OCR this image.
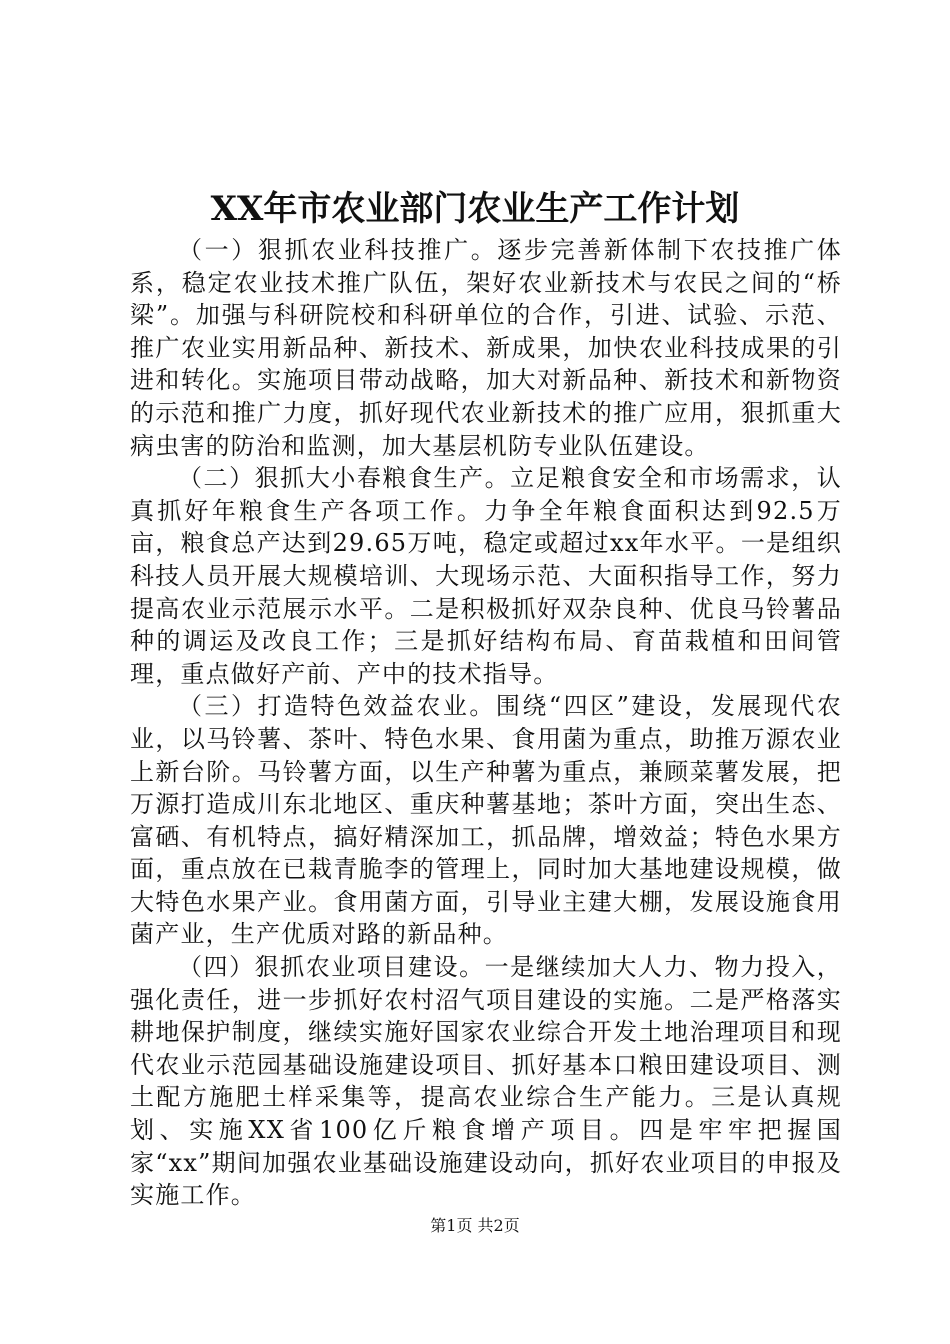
XX年市农业部门农业生产工作计划

（一）狠抓农业科技推广。逐步完善新体制下农技推广体系，稳定农业技术推广队伍，架好农业新技术与农民之间的“桥梁”。加强与科研院校和科研单位的合作，引进、试验、示范、推广农业实用新品种、新技术、新成果，加快农业科技成果的引进和转化。实施项目带动战略，加大对新品种、新技术和新物资的示范和推广力度，抓好现代农业新技术的推广应用，狠抓重大病虫害的防治和监测，加大基层机防专业队伍建设。

（二）狠抓大小春粮食生产。立足粮食安全和市场需求，认真抓好年粮食生产各项工作。力争全年粮食面积达到92.5万亩，粮食总产达到29.65万吨，稳定或超过xx年水平。一是组织科技人员开展大规模培训、大现场示范、大面积指导工作，努力提高农业示范展示水平。二是积极抓好双杂良种、优良马铃薯品种的调运及改良工作；三是抓好结构布局、育苗栽植和田间管理，重点做好产前、产中的技术指导。

（三）打造特色效益农业。围绕“四区”建设，发展现代农业，以马铃薯、茶叶、特色水果、食用菌为重点，助推万源农业上新台阶。马铃薯方面，以生产种薯为重点，兼顾菜薯发展，把万源打造成川东北地区、重庆种薯基地；茶叶方面，突出生态、富硒、有机特点，搞好精深加工，抓品牌，增效益；特色水果方面，重点放在已栽青脆李的管理上，同时加大基地建设规模，做大特色水果产业。食用菌方面，引导业主建大棚，发展设施食用菌产业，生产优质对路的新品种。

（四）狠抓农业项目建设。一是继续加大人力、物力投入，强化责任，进一步抓好农村沼气项目建设的实施。二是严格落实耕地保护制度，继续实施好国家农业综合开发土地治理项目和现代农业示范园基础设施建设项目、抓好基本口粮田建设项目、测土配方施肥土样采集等，提高农业综合生产能力。三是认真规划、实施XX省100亿斤粮食增产项目。四是牢牢把握国家“xx”期间加强农业基础设施建设动向，抓好农业项目的申报及实施工作。

第1页 共2页
